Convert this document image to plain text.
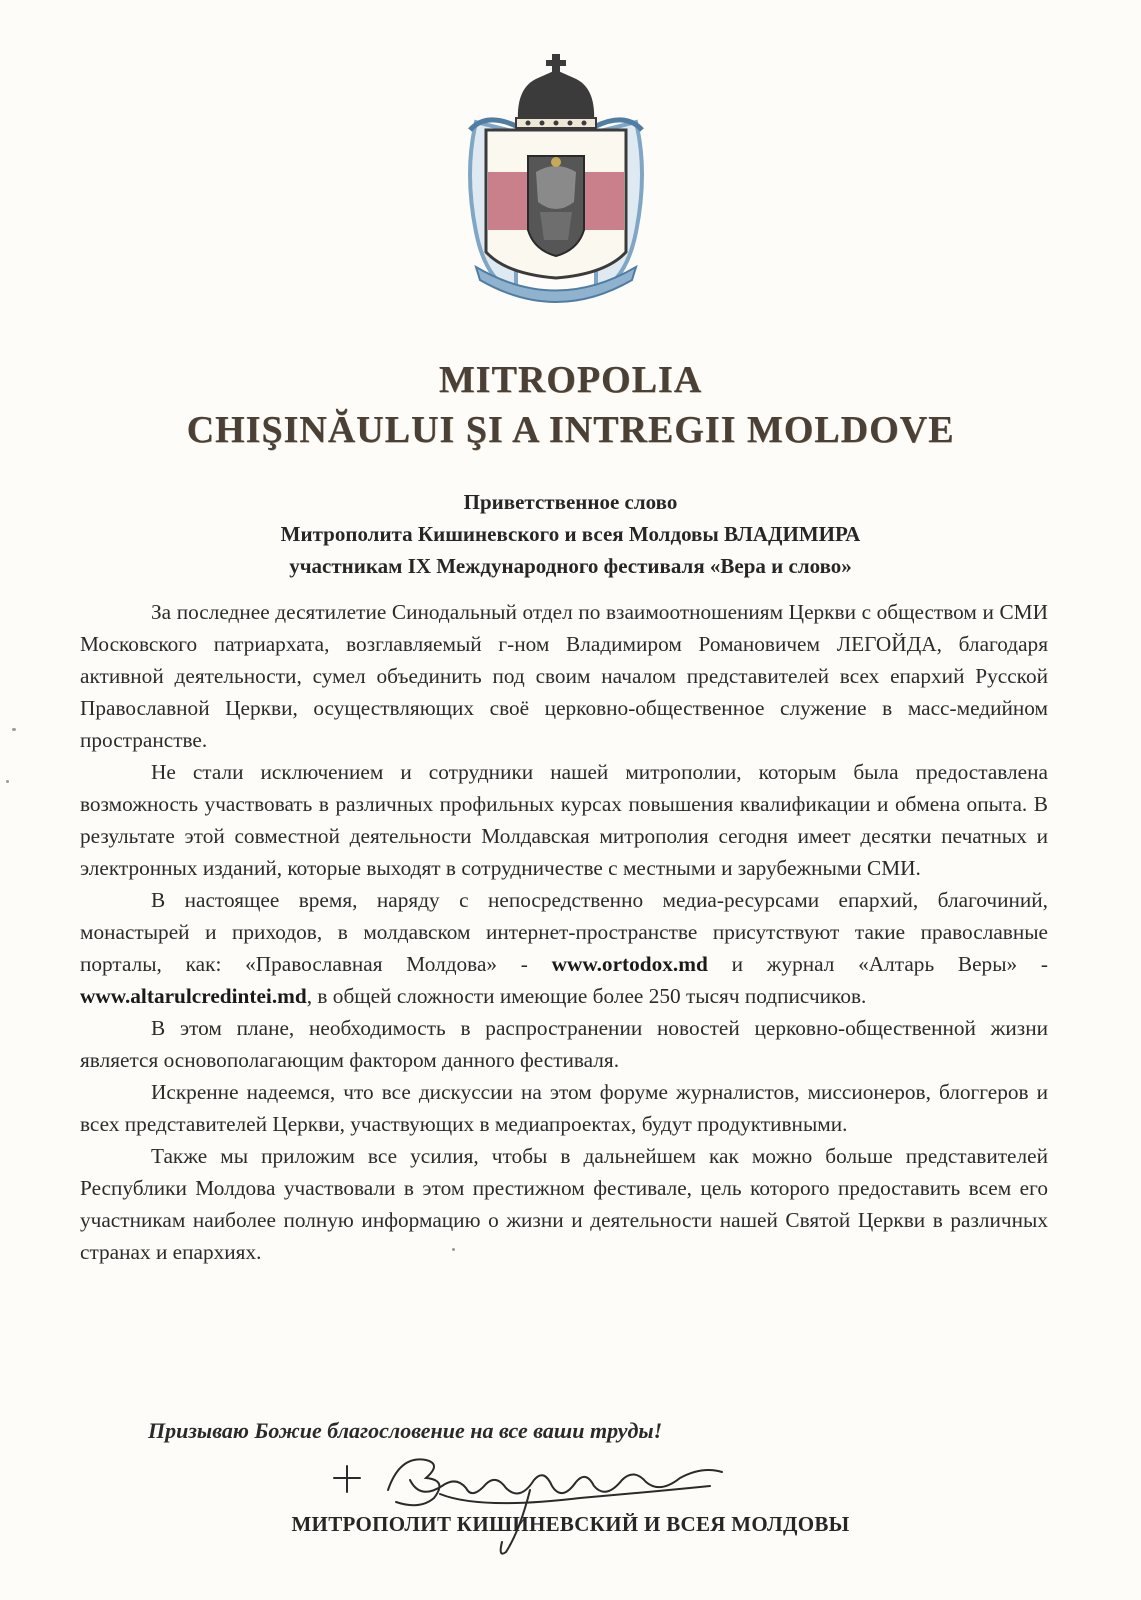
MITROPOLIA
CHIŞINĂULUI ŞI A INTREGII MOLDOVE
Приветственное слово
Митрополита Кишиневского и всея Молдовы ВЛАДИМИРА
участникам IX Международного фестиваля «Вера и слово»

За последнее десятилетие Синодальный отдел по взаимоотношениям Церкви с обществом и СМИ Московского патриархата, возглавляемый г-ном Владимиром Романовичем ЛЕГОЙДА, благодаря активной деятельности, сумел объединить под своим началом представителей всех епархий Русской Православной Церкви, осуществляющих своё церковно-общественное служение в масс-медийном пространстве.

Не стали исключением и сотрудники нашей митрополии, которым была предоставлена возможность участвовать в различных профильных курсах повышения квалификации и обмена опыта. В результате этой совместной деятельности Молдавская митрополия сегодня имеет десятки печатных и электронных изданий, которые выходят в сотрудничестве с местными и зарубежными СМИ.

В настоящее время, наряду с непосредственно медиа-ресурсами епархий, благочиний, монастырей и приходов, в молдавском интернет-пространстве присутствуют такие православные порталы, как: «Православная Молдова» - www.ortodox.md и журнал «Алтарь Веры» - www.altarulcredintei.md, в общей сложности имеющие более 250 тысяч подписчиков.

В этом плане, необходимость в распространении новостей церковно-общественной жизни является основополагающим фактором данного фестиваля.

Искренне надеемся, что все дискуссии на этом форуме журналистов, миссионеров, блоггеров и всех представителей Церкви, участвующих в медиапроектах, будут продуктивными.

Также мы приложим все усилия, чтобы в дальнейшем как можно больше представителей Республики Молдова участвовали в этом престижном фестивале, цель которого предоставить всем его участникам наиболее полную информацию о жизни и деятельности нашей Святой Церкви в различных странах и епархиях.

Призываю Божие благословение на все ваши труды!
МИТРОПОЛИТ КИШИНЕВСКИЙ И ВСЕЯ МОЛДОВЫ
